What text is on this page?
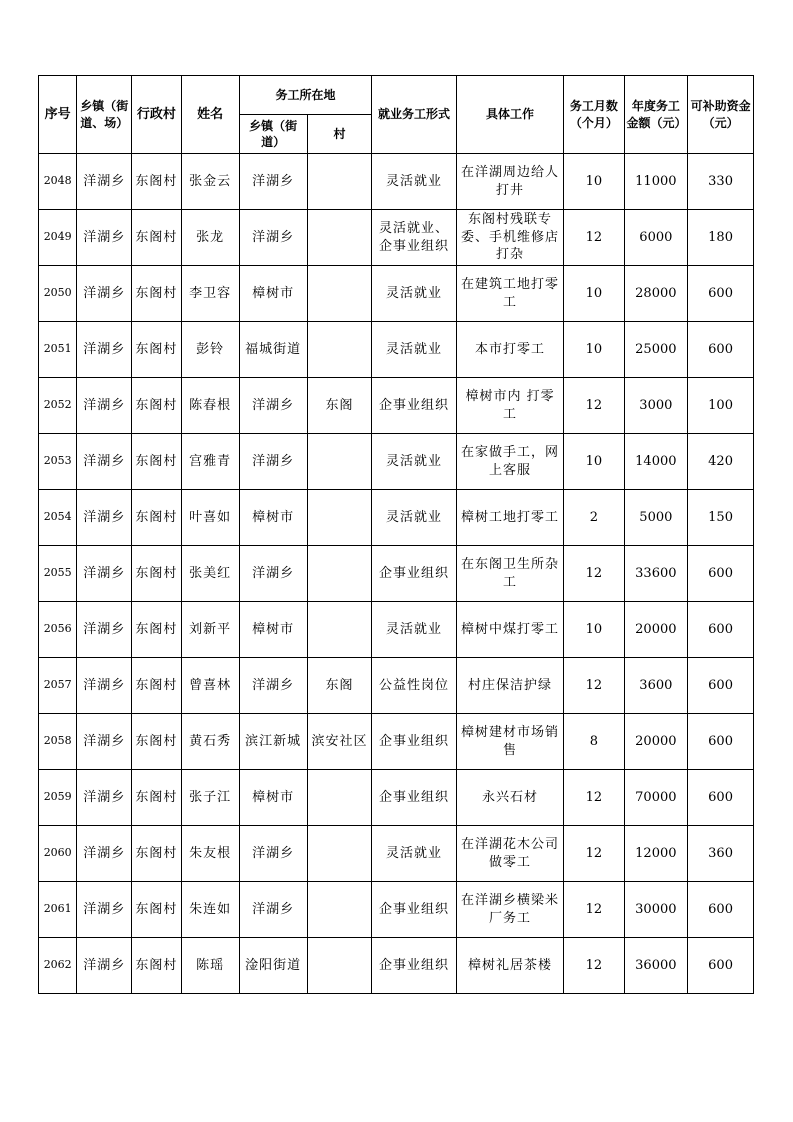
序号	乡镇（街道、场）	行政村	姓名	务工所在地		就业务工形式	具体工作	务工月数（个月）	年度务工金额（元）	可补助资金（元）
				乡镇（街道）	村					
2048	洋湖乡	东阁村	张金云	洋湖乡		灵活就业	在洋湖周边给人打井	10	11000	330
2049	洋湖乡	东阁村	张龙	洋湖乡		灵活就业、企事业组织	东阁村残联专委、手机维修店打杂	12	6000	180
2050	洋湖乡	东阁村	李卫容	樟树市		灵活就业	在建筑工地打零工	10	28000	600
2051	洋湖乡	东阁村	彭铃	福城街道		灵活就业	本市打零工	10	25000	600
2052	洋湖乡	东阁村	陈春根	洋湖乡	东阁	企事业组织	樟树市内 打零工	12	3000	100
2053	洋湖乡	东阁村	宫雅青	洋湖乡		灵活就业	在家做手工，网上客服	10	14000	420
2054	洋湖乡	东阁村	叶喜如	樟树市		灵活就业	樟树工地打零工	2	5000	150
2055	洋湖乡	东阁村	张美红	洋湖乡		企事业组织	在东阁卫生所杂工	12	33600	600
2056	洋湖乡	东阁村	刘新平	樟树市		灵活就业	樟树中煤打零工	10	20000	600
2057	洋湖乡	东阁村	曾喜林	洋湖乡	东阁	公益性岗位	村庄保洁护绿	12	3600	600
2058	洋湖乡	东阁村	黄石秀	滨江新城	滨安社区	企事业组织	樟树建材市场销售	8	20000	600
2059	洋湖乡	东阁村	张子江	樟树市		企事业组织	永兴石材	12	70000	600
2060	洋湖乡	东阁村	朱友根	洋湖乡		灵活就业	在洋湖花木公司做零工	12	12000	360
2061	洋湖乡	东阁村	朱连如	洋湖乡		企事业组织	在洋湖乡横梁米厂务工	12	30000	600
2062	洋湖乡	东阁村	陈瑶	淦阳街道		企事业组织	樟树礼居茶楼	12	36000	600
